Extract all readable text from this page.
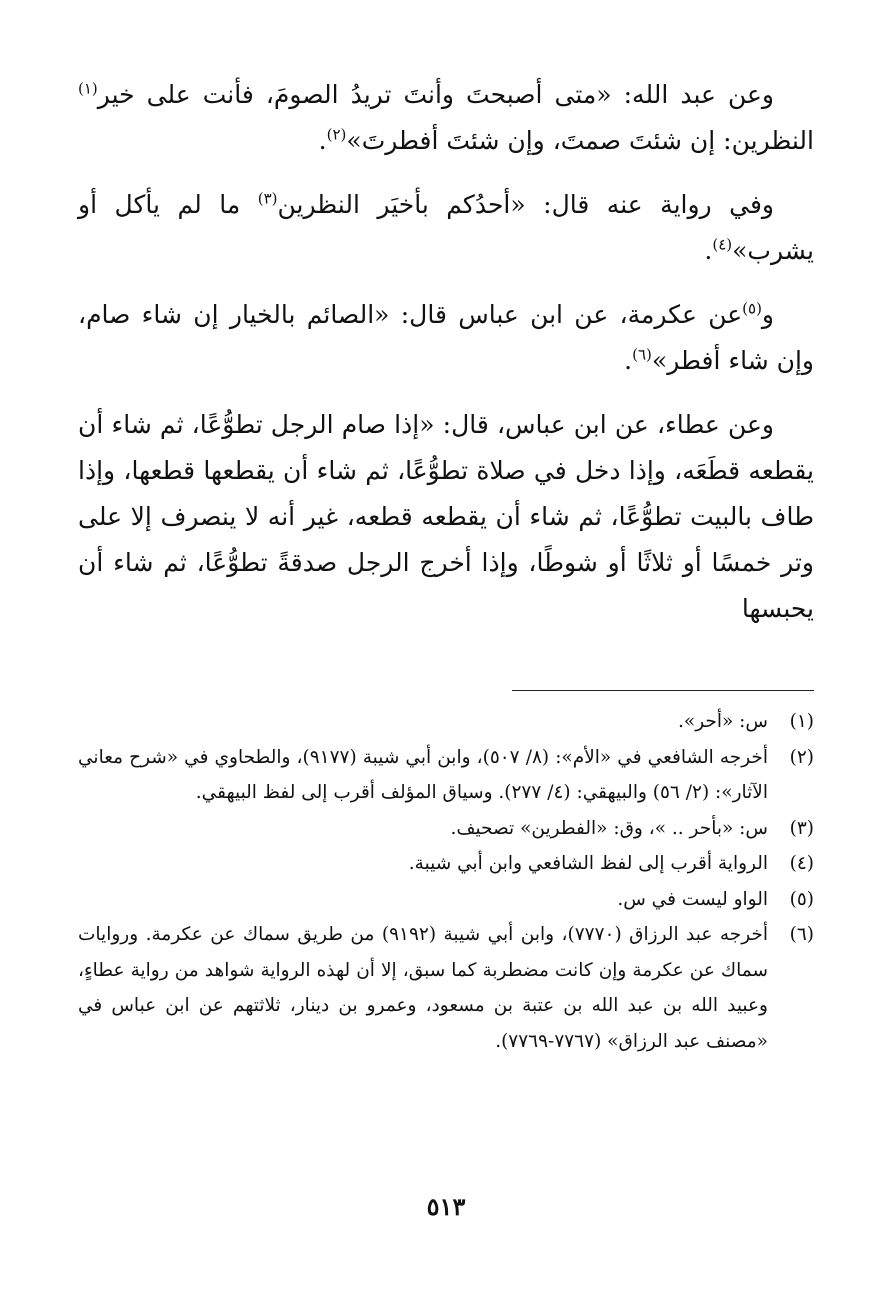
وعن عبد الله: «متى أصبحتَ وأنتَ تريدُ الصومَ، فأنت على خير$^{(١)}$ النظرين: إن شئتَ صمتَ، وإن شئتَ أفطرتَ»$^{(٢)}$.

وفي رواية عنه قال: «أحدُكم بأخيَر النظرين$^{(٣)}$ ما لم يأكل أو يشرب»$^{(٤)}$.

و$^{(٥)}$عن عكرمة، عن ابن عباس قال: «الصائم بالخيار إن شاء صام، وإن شاء أفطر»$^{(٦)}$.

وعن عطاء، عن ابن عباس، قال: «إذا صام الرجل تطوُّعًا، ثم شاء أن يقطعه قطَعَه، وإذا دخل في صلاة تطوُّعًا، ثم شاء أن يقطعها قطعها، وإذا طاف بالبيت تطوُّعًا، ثم شاء أن يقطعه قطعه، غير أنه لا ينصرف إلا على وتر خمسًا أو ثلاثًا أو شوطًا، وإذا أخرج الرجل صدقةً تطوُّعًا، ثم شاء أن يحبسها

(١)
س: «أحر».
(٢)
أخرجه الشافعي في «الأم»: (٨/ ٥٠٧)، وابن أبي شيبة (٩١٧٧)، والطحاوي في «شرح معاني الآثار»: (٢/ ٥٦) والبيهقي: (٤/ ٢٧٧). وسياق المؤلف أقرب إلى لفظ البيهقي.
(٣)
س: «بأحر .. »، وق: «الفطرين» تصحيف.
(٤)
الرواية أقرب إلى لفظ الشافعي وابن أبي شيبة.
(٥)
الواو ليست في س.
(٦)
أخرجه عبد الرزاق (٧٧٧٠)، وابن أبي شيبة (٩١٩٢) من طريق سماك عن عكرمة. وروايات سماك عن عكرمة وإن كانت مضطربة كما سبق، إلا أن لهذه الرواية شواهد من رواية عطاءٍ، وعبيد الله بن عبد الله بن عتبة بن مسعود، وعمرو بن دينار، ثلاثتهم عن ابن عباس في «مصنف عبد الرزاق» (٧٧٦٧-٧٧٦٩).
٥١٣
